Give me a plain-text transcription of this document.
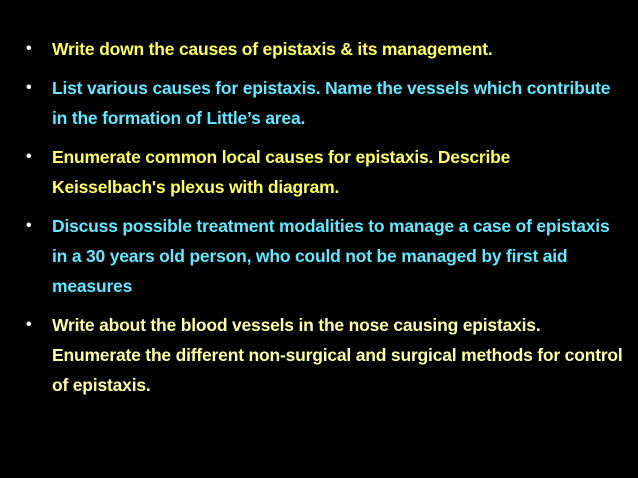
•	Write down the causes of epistaxis & its management.
•	List various causes for epistaxis. Name the vessels which contribute in the formation of Little’s area.
•	Enumerate common local causes for epistaxis. Describe Keisselbach's plexus with diagram.
•	Discuss possible treatment modalities to manage a case of epistaxis in a 30 years old person, who could not be managed by first aid measures
•	Write about the blood vessels in the nose causing epistaxis. Enumerate the different non-surgical and surgical methods for control of epistaxis.
